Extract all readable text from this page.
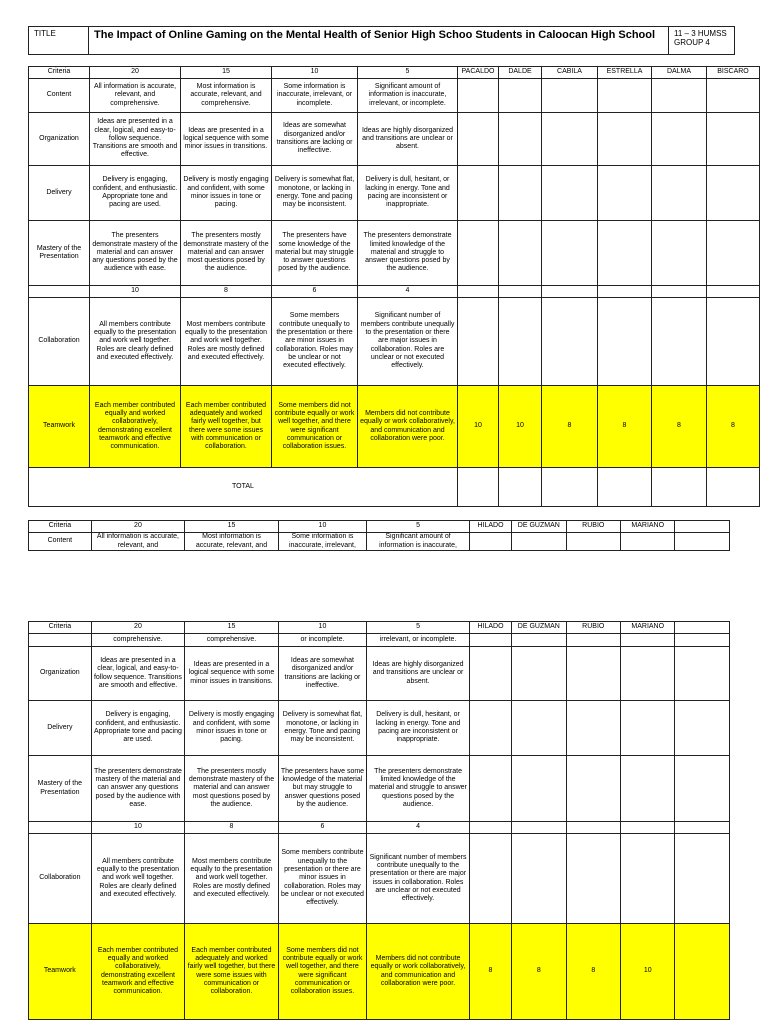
TITLE	The Impact of Online Gaming on the Mental Health of Senior High Schoo Students in Caloocan High School	11 – 3 HUMSS
GROUP 4
Criteria	20	15	10	5	PACALDO	DALDE	CABILA	ESTRELLA	DALMA	BISCARO
Content	All information is accurate, relevant, and comprehensive.	Most information is accurate, relevant, and comprehensive.	Some information is inaccurate, irrelevant, or incomplete.	Significant amount of information is inaccurate, irrelevant, or incomplete.						
Organization	Ideas are presented in a clear, logical, and easy-to-follow sequence. Transitions are smooth and effective.	Ideas are presented in a logical sequence with some minor issues in transitions.	Ideas are somewhat disorganized and/or transitions are lacking or ineffective.	Ideas are highly disorganized and transitions are unclear or absent.						
Delivery	Delivery is engaging, confident, and enthusiastic. Appropriate tone and pacing are used.	Delivery is mostly engaging and confident, with some minor issues in tone or pacing.	Delivery is somewhat flat, monotone, or lacking in energy. Tone and pacing may be inconsistent.	Delivery is dull, hesitant, or lacking in energy. Tone and pacing are inconsistent or inappropriate.						
Mastery of the Presentation	The presenters demonstrate mastery of the material and can answer any questions posed by the audience with ease.	The presenters mostly demonstrate mastery of the material and can answer most questions posed by the audience.	The presenters have some knowledge of the material but may struggle to answer questions posed by the audience.	The presenters demonstrate limited knowledge of the material and struggle to answer questions posed by the audience.						
	10	8	6	4						
Collaboration	All members contribute equally to the presentation and work well together. Roles are clearly defined and executed effectively.	Most members contribute equally to the presentation and work well together. Roles are mostly defined and executed effectively.	Some members contribute unequally to the presentation or there are minor issues in collaboration. Roles may be unclear or not executed effectively.	Significant number of members contribute unequally to the presentation or there are major issues in collaboration. Roles are unclear or not executed effectively.						
Teamwork	Each member contributed equally and worked collaboratively, demonstrating excellent teamwork and effective communication.	Each member contributed adequately and worked fairly well together, but there were some issues with communication or collaboration.	Some members did not contribute equally or work well together, and there were significant communication or collaboration issues.	Members did not contribute equally or work collaboratively, and communication and collaboration were poor.	10	10	8	8	8	8
TOTAL										
Criteria	20	15	10	5	HILADO	DE GUZMAN	RUBIO	MARIANO	
Content	All information is accurate, relevant, and	Most information is accurate, relevant, and	Some information is inaccurate, irrelevant,	Significant amount of information is inaccurate,					
Criteria	20	15	10	5	HILADO	DE GUZMAN	RUBIO	MARIANO	
	comprehensive.	comprehensive.	or incomplete.	irrelevant, or incomplete.					
Organization	Ideas are presented in a clear, logical, and easy-to-follow sequence. Transitions are smooth and effective.	Ideas are presented in a logical sequence with some minor issues in transitions.	Ideas are somewhat disorganized and/or transitions are lacking or ineffective.	Ideas are highly disorganized and transitions are unclear or absent.					
Delivery	Delivery is engaging, confident, and enthusiastic. Appropriate tone and pacing are used.	Delivery is mostly engaging and confident, with some minor issues in tone or pacing.	Delivery is somewhat flat, monotone, or lacking in energy. Tone and pacing may be inconsistent.	Delivery is dull, hesitant, or lacking in energy. Tone and pacing are inconsistent or inappropriate.					
Mastery of the Presentation	The presenters demonstrate mastery of the material and can answer any questions posed by the audience with ease.	The presenters mostly demonstrate mastery of the material and can answer most questions posed by the audience.	The presenters have some knowledge of the material but may struggle to answer questions posed by the audience.	The presenters demonstrate limited knowledge of the material and struggle to answer questions posed by the audience.					
	10	8	6	4					
Collaboration	All members contribute equally to the presentation and work well together. Roles are clearly defined and executed effectively.	Most members contribute equally to the presentation and work well together. Roles are mostly defined and executed effectively.	Some members contribute unequally to the presentation or there are minor issues in collaboration. Roles may be unclear or not executed effectively.	Significant number of members contribute unequally to the presentation or there are major issues in collaboration. Roles are unclear or not executed effectively.					
Teamwork	Each member contributed equally and worked collaboratively, demonstrating excellent teamwork and effective communication.	Each member contributed adequately and worked fairly well together, but there were some issues with communication or collaboration.	Some members did not contribute equally or work well together, and there were significant communication or collaboration issues.	Members did not contribute equally or work collaboratively, and communication and collaboration were poor.	8	8	8	10	
